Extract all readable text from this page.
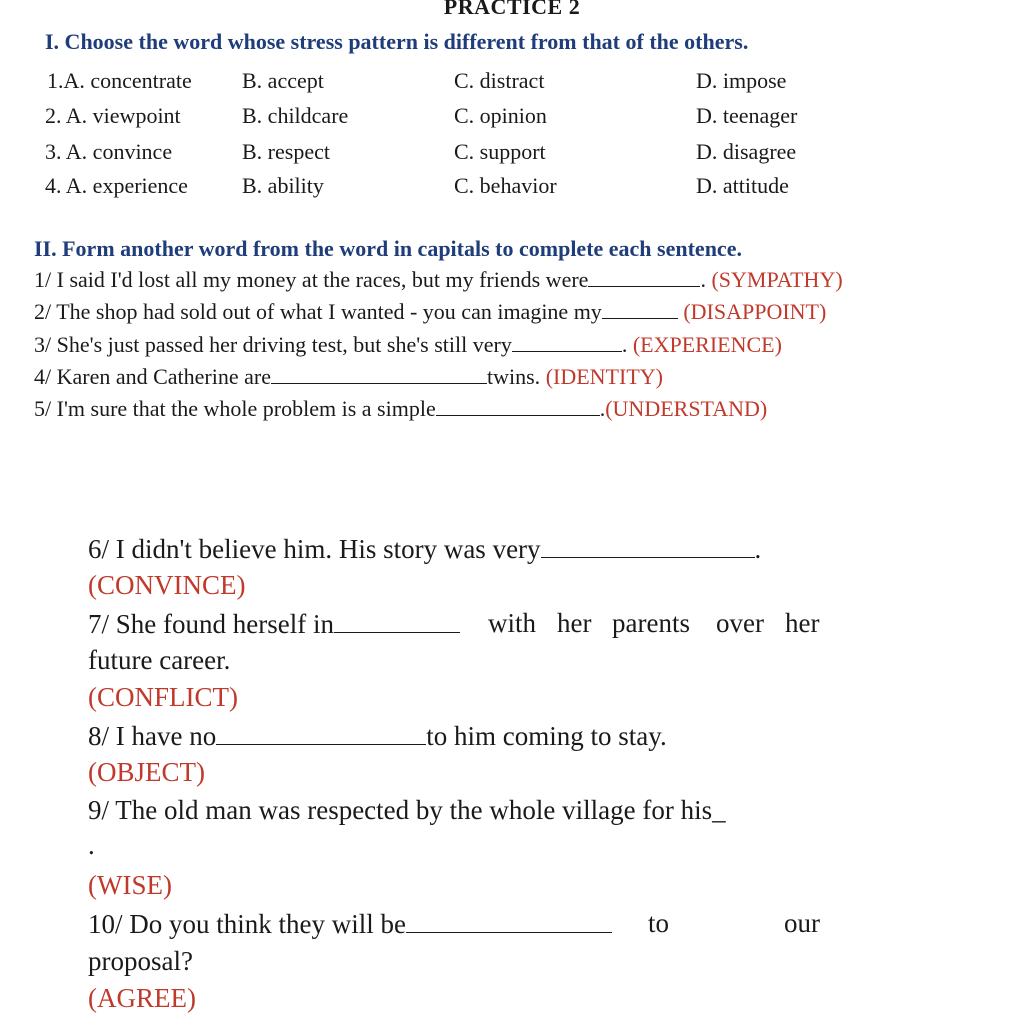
PRACTICE 2
I. Choose the word whose stress pattern is different from that of the others.
1.A. concentrate B. accept	C. distract	D. impose
2. A. viewpoint	B. childcare	C. opinion	D. teenager
3. A. convince	B. respect	C. support	D. disagree
4. A. experience B. ability	C. behavior	D. attitude
II. Form another word from the word in capitals to complete each sentence.
1/ I said I'd lost all my money at the races, but my friends were	. (SYMPATHY)
2/ The shop had sold out of what I wanted - you can imagine my	(DISAPPOINT)
3/ She's just passed her driving test, but she's still very	. (EXPERIENCE)
4/ Karen and Catherine are	twins. (IDENTITY)
5/ I'm sure that the whole problem is a simple	.(UNDERSTAND)
6/ I didn't believe him. His story was very	.
(CONVINCE)
7/ She found herself in	with her parents over her
future career.
(CONFLICT)
8/ I have no	to him coming to stay.
(OBJECT)
9/ The old man was respected by the whole village for his_
.
(WISE)
10/ Do you think they will be	to	our
proposal?
(AGREE)
